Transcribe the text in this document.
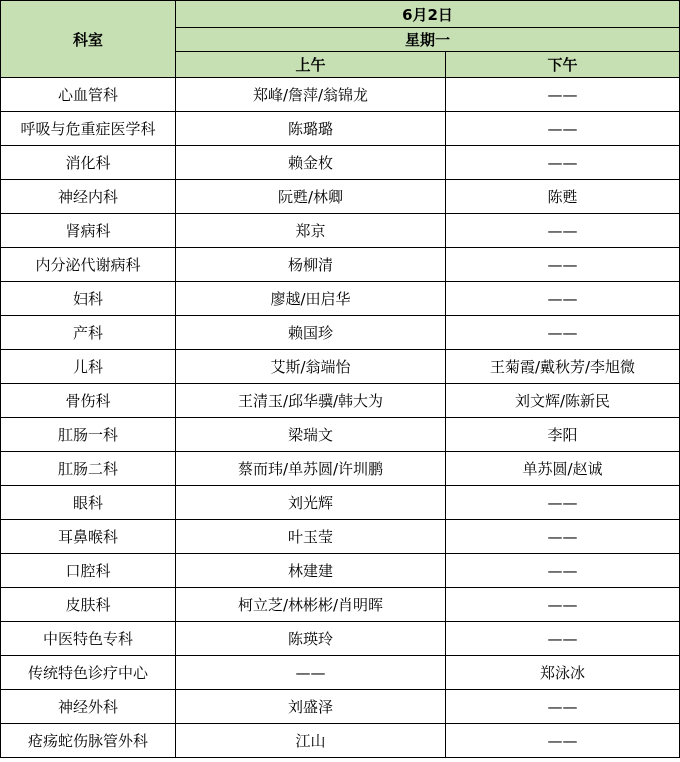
科室	6月2日	
	星期一	
	上午	下午
心血管科	郑峰/詹萍/翁锦龙	——
呼吸与危重症医学科	陈璐璐	——
消化科	赖金枚	——
神经内科	阮甦/林卿	陈甦
肾病科	郑京	——
内分泌代谢病科	杨柳清	——
妇科	廖越/田启华	——
产科	赖国珍	——
儿科	艾斯/翁端怡	王菊霞/戴秋芳/李旭微
骨伤科	王清玉/邱华骥/韩大为	刘文辉/陈新民
肛肠一科	梁瑞文	李阳
肛肠二科	蔡而玮/单苏圆/许圳鹏	单苏圆/赵诚
眼科	刘光辉	——
耳鼻喉科	叶玉莹	——
口腔科	林建建	——
皮肤科	柯立芝/林彬彬/肖明晖	——
中医特色专科	陈瑛玲	——
传统特色诊疗中心	——	郑泳冰
神经外科	刘盛泽	——
疮疡蛇伤脉管外科	江山	——
